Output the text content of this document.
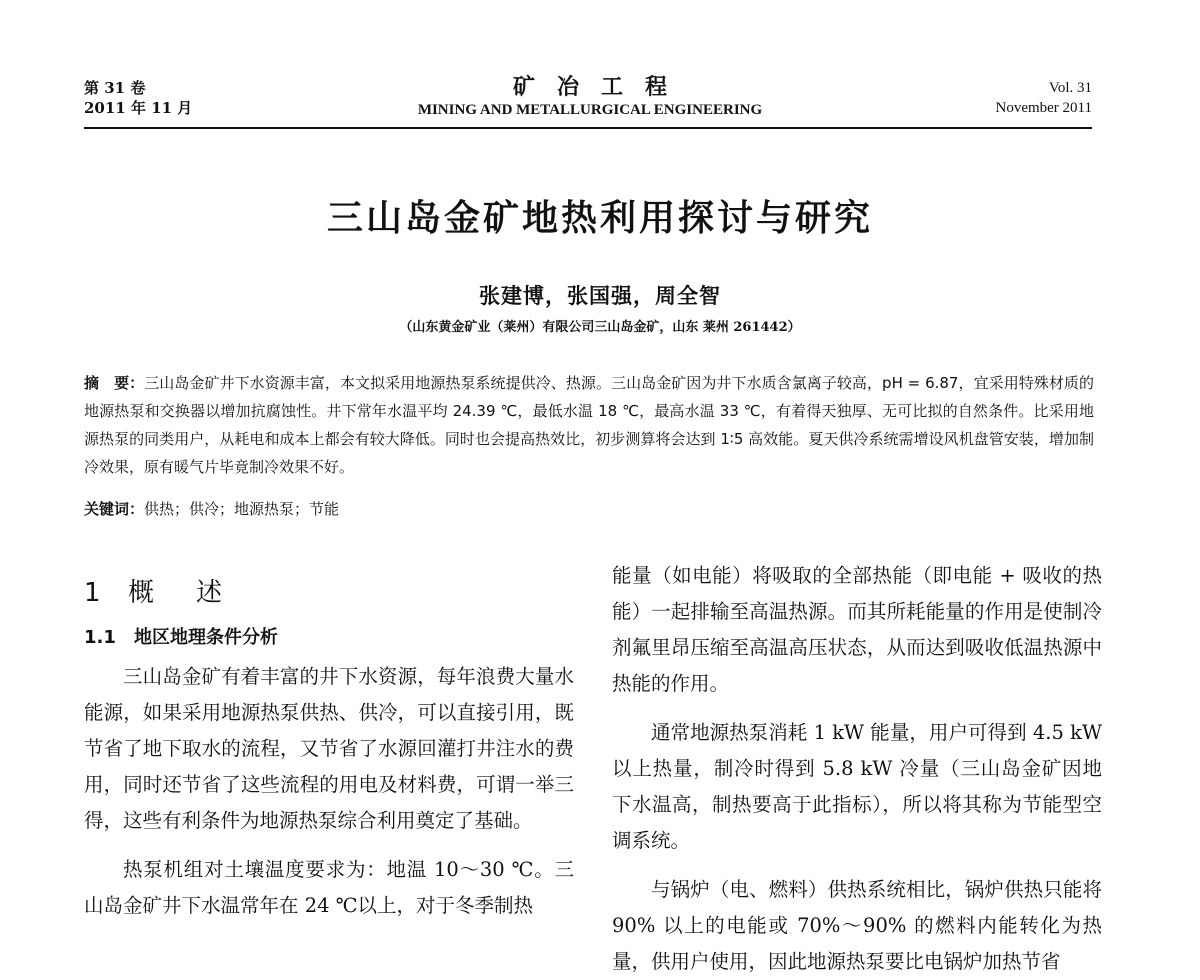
第 31 卷
2011 年 11 月
矿冶工程
MINING AND METALLURGICAL ENGINEERING
Vol. 31
November 2011
三山岛金矿地热利用探讨与研究
张建博，张国强，周全智
（山东黄金矿业（莱州）有限公司三山岛金矿，山东 莱州 261442）
摘　要：三山岛金矿井下水资源丰富，本文拟采用地源热泵系统提供冷、热源。三山岛金矿因为井下水质含氯离子较高，pH = 6.87，宜采用特殊材质的地源热泵和交换器以增加抗腐蚀性。井下常年水温平均 24.39 ℃，最低水温 18 ℃，最高水温 33 ℃，有着得天独厚、无可比拟的自然条件。比采用地源热泵的同类用户，从耗电和成本上都会有较大降低。同时也会提高热效比，初步测算将会达到 1∶5 高效能。夏天供冷系统需增设风机盘管安装，增加制冷效果，原有暖气片毕竟制冷效果不好。
关键词：供热；供冷；地源热泵；节能
1 概述
1.1 地区地理条件分析

三山岛金矿有着丰富的井下水资源，每年浪费大量水能源，如果采用地源热泵供热、供冷，可以直接引用，既节省了地下取水的流程，又节省了水源回灌打井注水的费用，同时还节省了这些流程的用电及材料费，可谓一举三得，这些有利条件为地源热泵综合利用奠定了基础。

热泵机组对土壤温度要求为：地温 10～30 ℃。三山岛金矿井下水温常年在 24 ℃以上，对于冬季制热

能量（如电能）将吸取的全部热能（即电能 + 吸收的热能）一起排输至高温热源。而其所耗能量的作用是使制冷剂氟里昂压缩至高温高压状态，从而达到吸收低温热源中热能的作用。

通常地源热泵消耗 1 kW 能量，用户可得到 4.5 kW 以上热量，制冷时得到 5.8 kW 冷量（三山岛金矿因地下水温高，制热要高于此指标），所以将其称为节能型空调系统。

与锅炉（电、燃料）供热系统相比，锅炉供热只能将 90% 以上的电能或 70%～90% 的燃料内能转化为热量，供用户使用，因此地源热泵要比电锅炉加热节省
